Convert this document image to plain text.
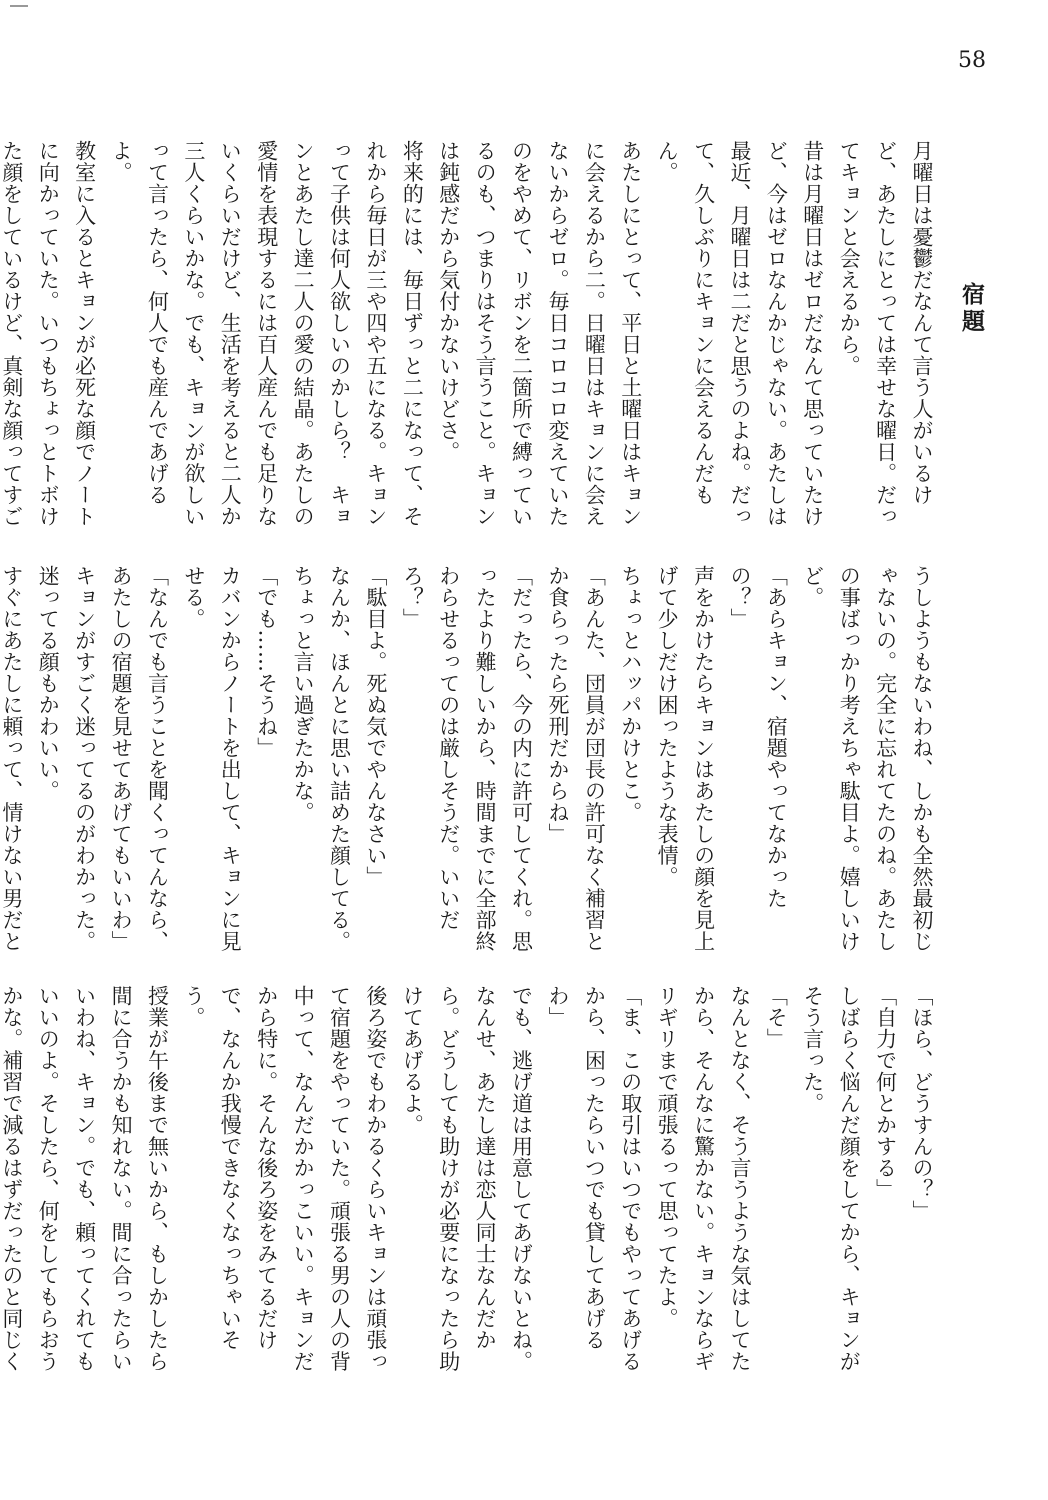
58
宿題

月曜日は憂鬱だなんて言う人がいるけど、あたしにとっては幸せな曜日。だってキョンと会えるから。

昔は月曜日はゼロだなんて思っていたけど、今はゼロなんかじゃない。あたしは最近、月曜日は二だと思うのよね。だって、久しぶりにキョンに会えるんだもん。

あたしにとって、平日と土曜日はキョンに会えるから二。日曜日はキョンに会えないからゼロ。毎日コロコロ変えていたのをやめて、リボンを二箇所で縛っているのも、つまりはそう言うこと。キョンは鈍感だから気付かないけどさ。

将来的には、毎日ずっと二になって、それから毎日が三や四や五になる。キョンって子供は何人欲しいのかしら？　キョンとあたし達二人の愛の結晶。あたしの愛情を表現するには百人産んでも足りないくらいだけど、生活を考えると二人か三人くらいかな。でも、キョンが欲しいって言ったら、何人でも産んであげるよ。

教室に入るとキョンが必死な顔でノートに向かっていた。いつもちょっとトボけた顔をしているけど、真剣な顔ってすご

うしようもないわね、しかも全然最初じゃないの。完全に忘れてたのね。あたしの事ばっかり考えちゃ駄目よ。嬉しいけど。

「あらキョン、宿題やってなかったの？」

声をかけたらキョンはあたしの顔を見上げて少しだけ困ったような表情。

ちょっとハッパかけとこ。

「あんた、団員が団長の許可なく補習とか食らったら死刑だからね」

「だったら、今の内に許可してくれ。思ったより難しいから、時間までに全部終わらせるってのは厳しそうだ。いいだろ？」

「駄目よ。死ぬ気でやんなさい」

なんか、ほんとに思い詰めた顔してる。

ちょっと言い過ぎたかな。

「でも……そうね」

カバンからノートを出して、キョンに見せる。

「なんでも言うことを聞くってんなら、あたしの宿題を見せてあげてもいいわ」

キョンがすごく迷ってるのがわかった。迷ってる顔もかわいい。

すぐにあたしに頼って、情けない男だと

「ほら、どうすんの？」

「自力で何とかする」

しばらく悩んだ顔をしてから、キョンがそう言った。

「そ」

なんとなく、そう言うような気はしてたから、そんなに驚かない。キョンならギリギリまで頑張るって思ってたよ。

「ま、この取引はいつでもやってあげるから、困ったらいつでも貸してあげるわ」

でも、逃げ道は用意してあげないとね。なんせ、あたし達は恋人同士なんだから。どうしても助けが必要になったら助けてあげるよ。

後ろ姿でもわかるくらいキョンは頑張って宿題をやっていた。頑張る男の人の背中って、なんだかかっこいい。キョンだから特に。そんな後ろ姿をみてるだけで、なんか我慢できなくなっちゃいそう。

授業が午後まで無いから、もしかしたら間に合うかも知れない。間に合ったらいいわね、キョン。でも、頼ってくれてもいいのよ。そしたら、何をしてもらおうかな。補習で減るはずだったのと同じく　
